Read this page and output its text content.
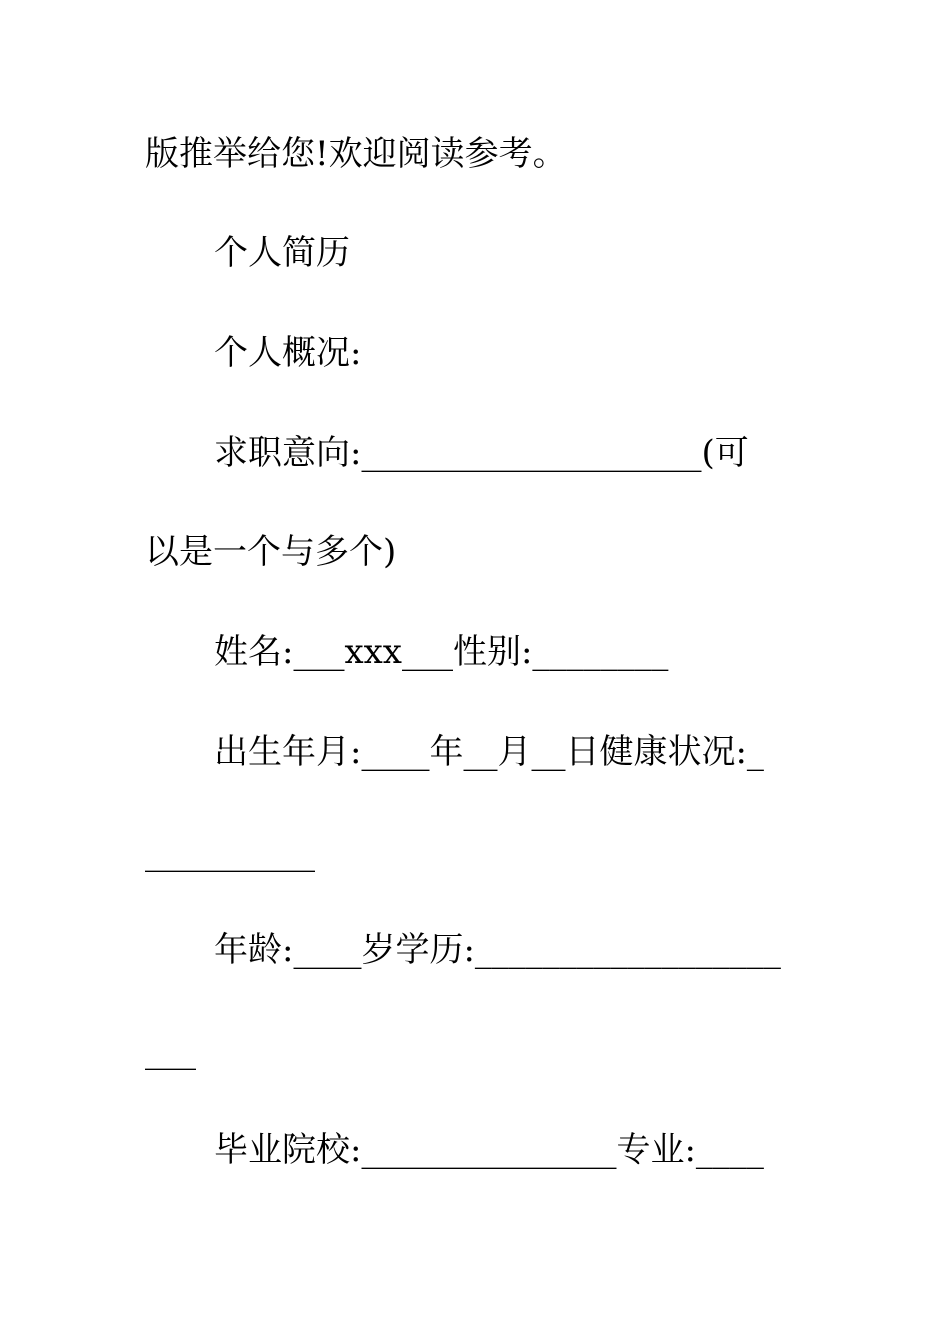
版推举给您!欢迎阅读参考。
个人简历
个人概况:
求职意向:____________________(可
以是一个与多个)
姓名:___xxx___性别:________
出生年月:____年__月__日健康状况:_
__________
年龄:____岁学历:__________________
___
毕业院校:_______________专业:____
